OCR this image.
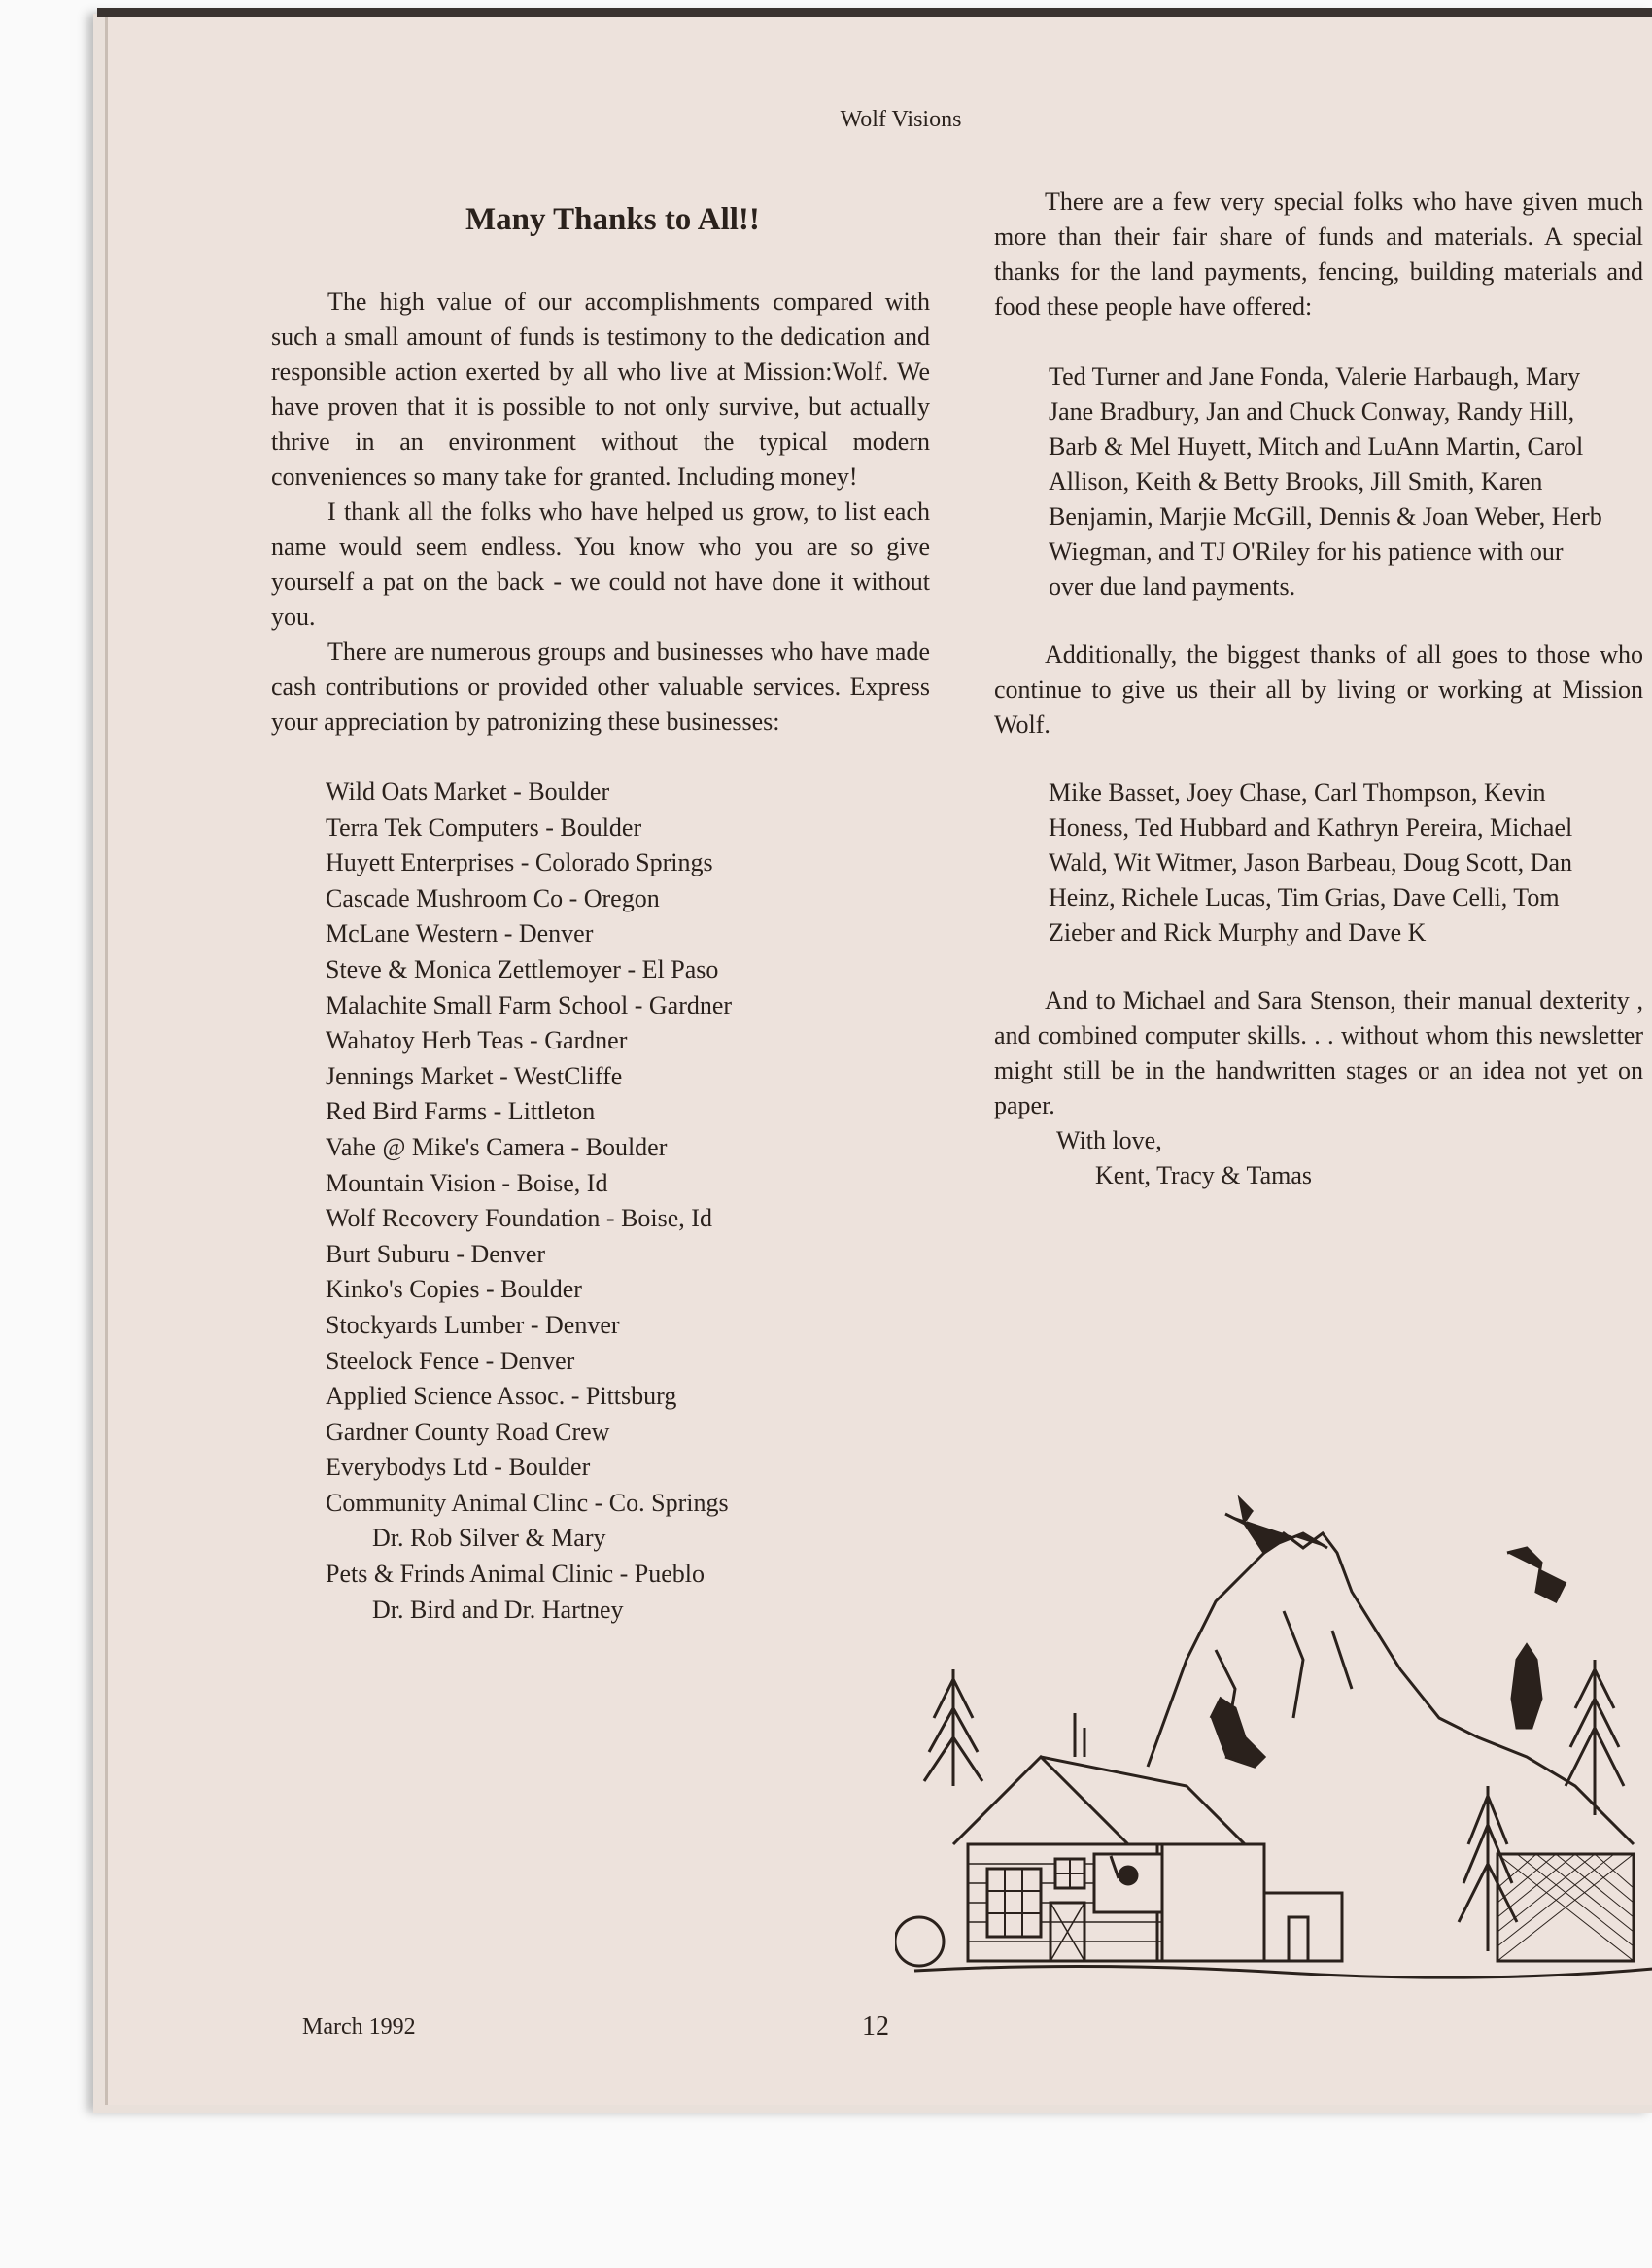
Wolf Visions
Many Thanks to All!!

The high value of our accomplishments compared with such a small amount of funds is testimony to the dedication and responsible action exerted by all who live at Mission:Wolf. We have proven that it is possible to not only survive, but actually thrive in an environment without the typical modern conveniences so many take for granted. Including money!

I thank all the folks who have helped us grow, to list each name would seem endless. You know who you are so give yourself a pat on the back - we could not have done it without you.

There are numerous groups and businesses who have made cash contributions or provided other valuable services. Express your appreciation by patronizing these businesses:

Wild Oats Market - Boulder
Terra Tek Computers - Boulder
Huyett Enterprises - Colorado Springs
Cascade Mushroom Co - Oregon
McLane Western - Denver
Steve & Monica Zettlemoyer - El Paso
Malachite Small Farm School - Gardner
Wahatoy Herb Teas - Gardner
Jennings Market - WestCliffe
Red Bird Farms - Littleton
Vahe @ Mike's Camera - Boulder
Mountain Vision - Boise, Id
Wolf Recovery Foundation - Boise, Id
Burt Suburu - Denver
Kinko's Copies - Boulder
Stockyards Lumber - Denver
Steelock Fence - Denver
Applied Science Assoc. - Pittsburg
Gardner County Road Crew
Everybodys Ltd - Boulder
Community Animal Clinc - Co. Springs
Dr. Rob Silver & Mary
Pets & Frinds Animal Clinic - Pueblo
Dr. Bird and Dr. Hartney

There are a few very special folks who have given much more than their fair share of funds and materials. A special thanks for the land payments, fencing, building materials and food these people have offered:

Ted Turner and Jane Fonda, Valerie Harbaugh, Mary Jane Bradbury, Jan and Chuck Conway, Randy Hill, Barb & Mel Huyett, Mitch and LuAnn Martin, Carol Allison, Keith & Betty Brooks, Jill Smith, Karen Benjamin, Marjie McGill, Dennis & Joan Weber, Herb Wiegman, and TJ O'Riley for his patience with our over due land payments.

Additionally, the biggest thanks of all goes to those who continue to give us their all by living or working at Mission Wolf.

Mike Basset, Joey Chase, Carl Thompson, Kevin Honess, Ted Hubbard and Kathryn Pereira, Michael Wald, Wit Witmer, Jason Barbeau, Doug Scott, Dan Heinz, Richele Lucas, Tim Grias, Dave Celli, Tom Zieber and Rick Murphy and Dave K

And to Michael and Sara Stenson, their manual dexterity , and combined computer skills. . . without whom this newsletter might still be in the handwritten stages or an idea not yet on paper.

With love,

Kent, Tracy & Tamas

March 1992	12
